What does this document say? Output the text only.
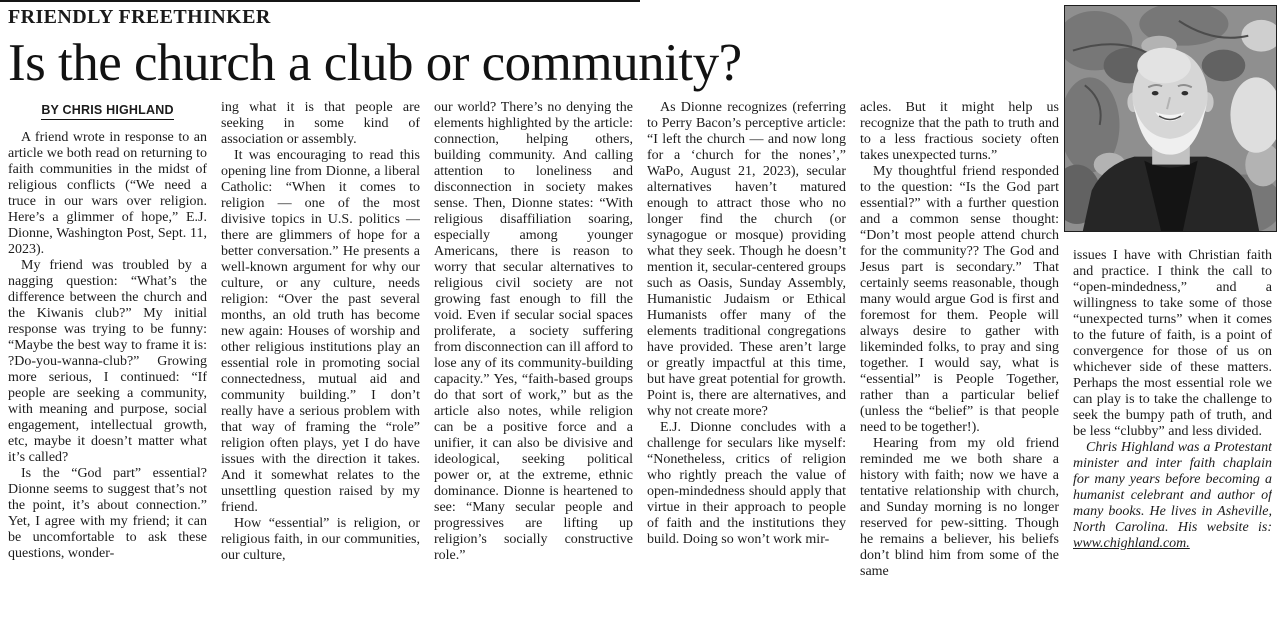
FRIENDLY FREETHINKER
Is the church a club or community?
BY CHRIS HIGHLAND

A friend wrote in response to an article we both read on returning to faith communities in the midst of religious conflicts (“We need a truce in our wars over religion. Here’s a glimmer of hope,” E.J. Dionne, Washington Post, Sept. 11, 2023).

My friend was troubled by a nagging question: “What’s the difference between the church and the Kiwanis club?” My initial response was trying to be funny: “Maybe the best way to frame it is: ?Do-you-wanna-club?” Growing more serious, I continued: “If people are seeking a community, with meaning and purpose, social engagement, intellectual growth, etc, maybe it doesn’t matter what it’s called?

Is the “God part” essential? Dionne seems to suggest that’s not the point, it’s about connection.” Yet, I agree with my friend; it can be uncomfortable to ask these questions, wonder-

ing what it is that people are seeking in some kind of association or assembly.

It was encouraging to read this opening line from Dionne, a liberal Catholic: “When it comes to religion — one of the most divisive topics in U.S. politics — there are glimmers of hope for a better conversation.” He presents a well-known argument for why our culture, or any culture, needs religion: “Over the past several months, an old truth has become new again: Houses of worship and other religious institutions play an essential role in promoting social connectedness, mutual aid and community building.” I don’t really have a serious problem with that way of framing the “role” religion often plays, yet I do have issues with the direction it takes. And it somewhat relates to the unsettling question raised by my friend.

How “essential” is religion, or religious faith, in our communities, our culture,

our world? There’s no denying the elements highlighted by the article: connection, helping others, building community. And calling attention to loneliness and disconnection in society makes sense. Then, Dionne states: “With religious disaffiliation soaring, especially among younger Americans, there is reason to worry that secular alternatives to religious civil society are not growing fast enough to fill the void. Even if secular social spaces proliferate, a society suffering from disconnection can ill afford to lose any of its community-building capacity.” Yes, “faith-based groups do that sort of work,” but as the article also notes, while religion can be a positive force and a unifier, it can also be divisive and ideological, seeking political power or, at the extreme, ethnic dominance. Dionne is heartened to see: “Many secular people and progressives are lifting up religion’s socially constructive role.”

As Dionne recognizes (referring to Perry Bacon’s perceptive article: “I left the church — and now long for a ‘church for the nones’,” WaPo, August 21, 2023), secular alternatives haven’t matured enough to attract those who no longer find the church (or synagogue or mosque) providing what they seek. Though he doesn’t mention it, secular-centered groups such as Oasis, Sunday Assembly, Humanistic Judaism or Ethical Humanists offer many of the elements traditional congregations have provided. These aren’t large or greatly impactful at this time, but have great potential for growth. Point is, there are alternatives, and why not create more?

E.J. Dionne concludes with a challenge for seculars like myself: “Nonetheless, critics of religion who rightly preach the value of open-mindedness should apply that virtue in their approach to people of faith and the institutions they build. Doing so won’t work mir-

acles. But it might help us recognize that the path to truth and to a less fractious society often takes unexpected turns.”

My thoughtful friend responded to the question: “Is the God part essential?” with a further question and a common sense thought: “Don’t most people attend church for the community?? The God and Jesus part is secondary.” That certainly seems reasonable, though many would argue God is first and foremost for them. People will always desire to gather with likeminded folks, to pray and sing together. I would say, what is “essential” is People Together, rather than a particular belief (unless the “belief” is that people need to be together!).

Hearing from my old friend reminded me we both share a history with faith; now we have a tentative relationship with church, and Sunday morning is no longer reserved for pew-sitting. Though he remains a believer, his beliefs don’t blind him from some of the same

issues I have with Christian faith and practice. I think the call to “open-mindedness,” and a willingness to take some of those “unexpected turns” when it comes to the future of faith, is a point of convergence for those of us on whichever side of these matters. Perhaps the most essential role we can play is to take the challenge to seek the bumpy path of truth, and be less “clubby” and less divided.

Chris Highland was a Protestant minister and inter faith chaplain for many years before becoming a humanist celebrant and author of many books. He lives in Asheville, North Carolina. His website is: www.chighland.com.
